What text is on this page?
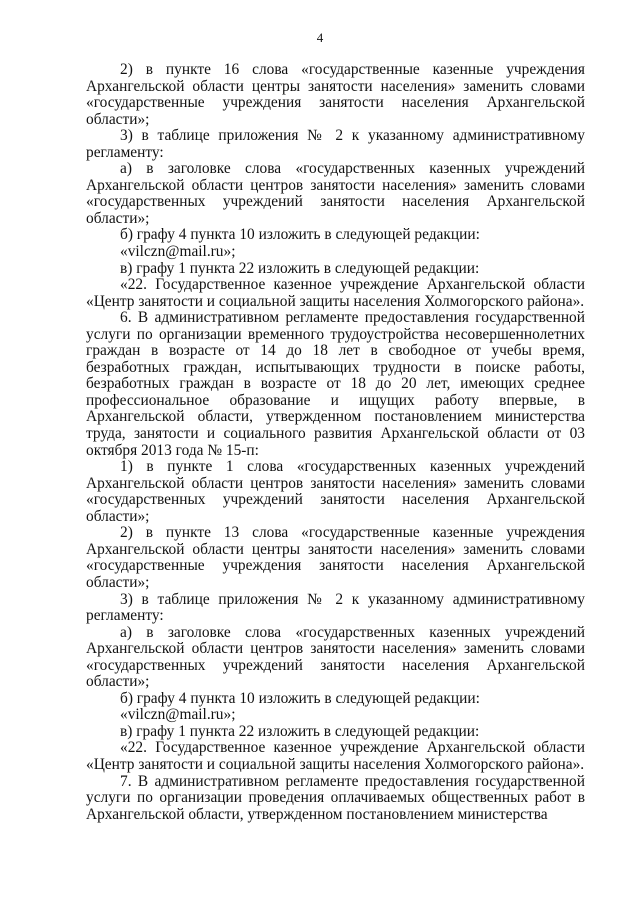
4

2) в пункте 16 слова «государственные казенные учреждения Архангельской области центры занятости населения» заменить словами «государственные учреждения занятости населения Архангельской области»;

3) в таблице приложения № 2 к указанному административному регламенту:

а) в заголовке слова «государственных казенных учреждений Архангельской области центров занятости населения» заменить словами «государственных учреждений занятости населения Архангельской области»;

б) графу 4 пункта 10 изложить в следующей редакции:

«vilczn@mail.ru»;

в) графу 1 пункта 22 изложить в следующей редакции:

«22. Государственное казенное учреждение Архангельской области «Центр занятости и социальной защиты населения Холмогорского района».

6. В административном регламенте предоставления государственной услуги по организации временного трудоустройства несовершеннолетних граждан в возрасте от 14 до 18 лет в свободное от учебы время, безработных граждан, испытывающих трудности в поиске работы, безработных граждан в возрасте от 18 до 20 лет, имеющих среднее профессиональное образование и ищущих работу впервые, в Архангельской области, утвержденном постановлением министерства труда, занятости и социального развития Архангельской области от 03 октября 2013 года № 15-п:

1) в пункте 1 слова «государственных казенных учреждений Архангельской области центров занятости населения» заменить словами «государственных учреждений занятости населения Архангельской области»;

2) в пункте 13 слова «государственные казенные учреждения Архангельской области центры занятости населения» заменить словами «государственные учреждения занятости населения Архангельской области»;

3) в таблице приложения № 2 к указанному административному регламенту:

а) в заголовке слова «государственных казенных учреждений Архангельской области центров занятости населения» заменить словами «государственных учреждений занятости населения Архангельской области»;

б) графу 4 пункта 10 изложить в следующей редакции:

«vilczn@mail.ru»;

в) графу 1 пункта 22 изложить в следующей редакции:

«22. Государственное казенное учреждение Архангельской области «Центр занятости и социальной защиты населения Холмогорского района».

7. В административном регламенте предоставления государственной услуги по организации проведения оплачиваемых общественных работ в Архангельской области, утвержденном постановлением министерства
